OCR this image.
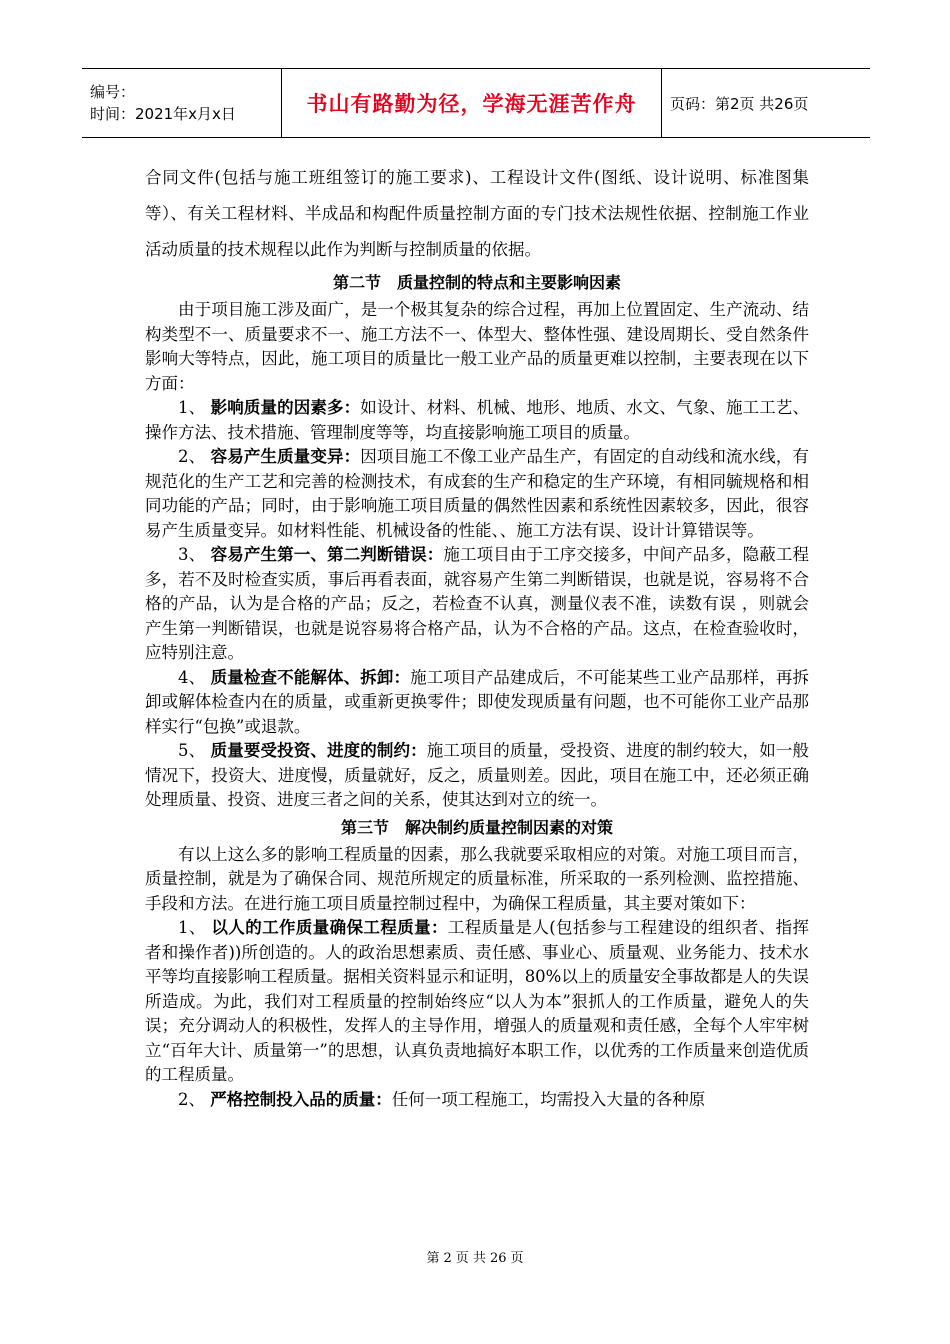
编号：
时间：2021年x月x日	书山有路勤为径，学海无涯苦作舟 页码：第2页 共26页

合同文件(包括与施工班组签订的施工要求)、工程设计文件(图纸、设计说明、标准图集等）、有关工程材料、半成品和构配件质量控制方面的专门技术法规性依据、控制施工作业活动质量的技术规程以此作为判断与控制质量的依据。

第二节　质量控制的特点和主要影响因素

由于项目施工涉及面广，是一个极其复杂的综合过程，再加上位置固定、生产流动、结构类型不一、质量要求不一、施工方法不一、体型大、整体性强、建设周期长、受自然条件影响大等特点，因此，施工项目的质量比一般工业产品的质量更难以控制，主要表现在以下方面：

1、 影响质量的因素多：如设计、材料、机械、地形、地质、水文、气象、施工工艺、操作方法、技术措施、管理制度等等，均直接影响施工项目的质量。

2、 容易产生质量变异：因项目施工不像工业产品生产，有固定的自动线和流水线，有规范化的生产工艺和完善的检测技术，有成套的生产和稳定的生产环境，有相同毓规格和相同功能的产品；同时，由于影响施工项目质量的偶然性因素和系统性因素较多，因此，很容易产生质量变异。如材料性能、机械设备的性能、、施工方法有误、设计计算错误等。

3、 容易产生第一、第二判断错误：施工项目由于工序交接多，中间产品多，隐蔽工程多，若不及时检查实质，事后再看表面，就容易产生第二判断错误，也就是说，容易将不合格的产品，认为是合格的产品；反之，若检查不认真，测量仪表不准，读数有误 ，则就会产生第一判断错误，也就是说容易将合格产品，认为不合格的产品。这点，在检查验收时，应特别注意。

4、 质量检查不能解体、拆卸：施工项目产品建成后，不可能某些工业产品那样，再拆卸或解体检查内在的质量，或重新更换零件；即使发现质量有问题，也不可能你工业产品那样实行“包换”或退款。

5、 质量要受投资、进度的制约：施工项目的质量，受投资、进度的制约较大，如一般情况下，投资大、进度慢，质量就好，反之，质量则差。因此，项目在施工中，还必须正确处理质量、投资、进度三者之间的关系，使其达到对立的统一。

第三节　解决制约质量控制因素的对策

有以上这么多的影响工程质量的因素，那么我就要采取相应的对策。对施工项目而言，质量控制，就是为了确保合同、规范所规定的质量标准，所采取的一系列检测、监控措施、手段和方法。在进行施工项目质量控制过程中，为确保工程质量，其主要对策如下：

1、 以人的工作质量确保工程质量：工程质量是人(包括参与工程建设的组织者、指挥者和操作者))所创造的。人的政治思想素质、责任感、事业心、质量观、业务能力、技术水平等均直接影响工程质量。据相关资料显示和证明，80%以上的质量安全事故都是人的失误所造成。为此，我们对工程质量的控制始终应“以人为本”狠抓人的工作质量，避免人的失误；充分调动人的积极性，发挥人的主导作用，增强人的质量观和责任感，全每个人牢牢树立“百年大计、质量第一”的思想，认真负责地搞好本职工作，以优秀的工作质量来创造优质的工程质量。

2、 严格控制投入品的质量：任何一项工程施工，均需投入大量的各种原

第 2 页 共 26 页
